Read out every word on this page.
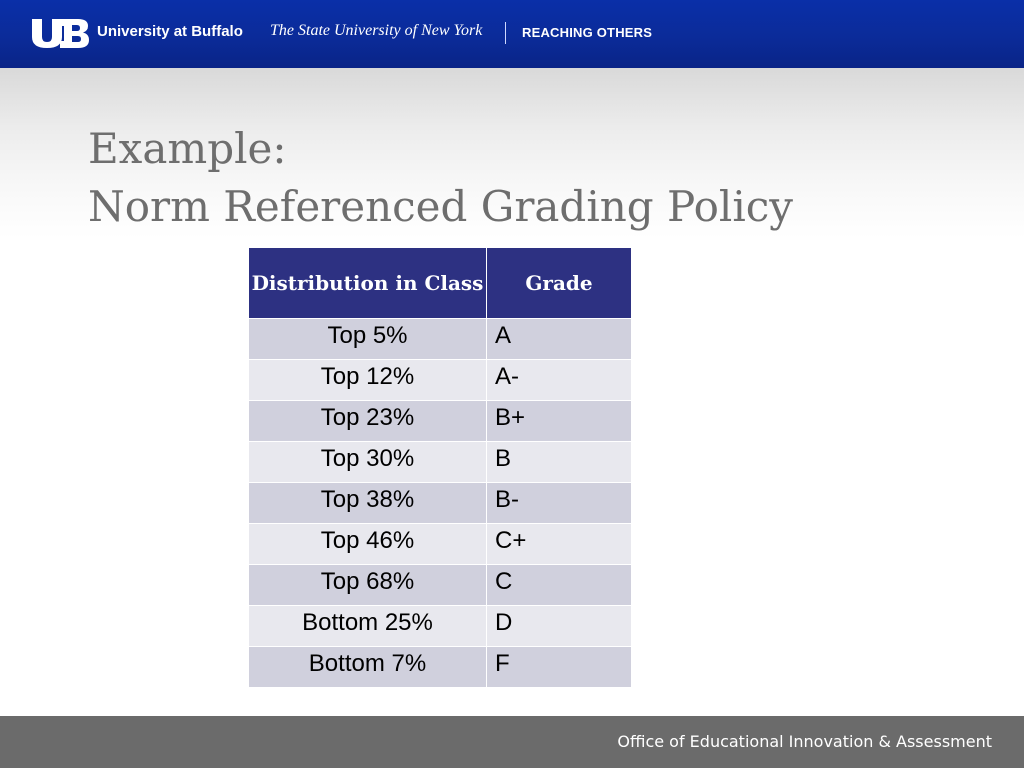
University at Buffalo The State University of New York	REACHING OTHERS
Example:
Norm Referenced Grading Policy
Distribution in Class	Grade
Top 5%	A
Top 12%	A-
Top 23%	B+
Top 30%	B
Top 38%	B-
Top 46%	C+
Top 68%	C
Bottom 25%	D
Bottom 7%	F
Office of Educational Innovation & Assessment
